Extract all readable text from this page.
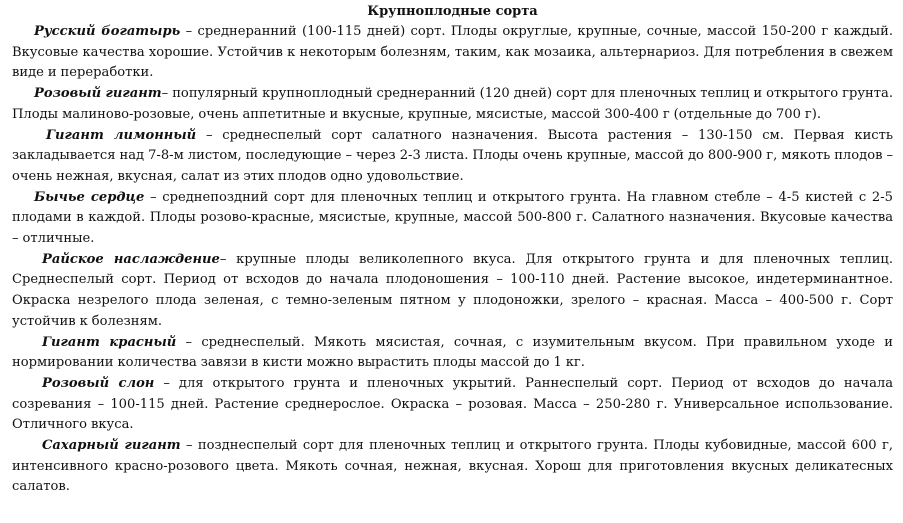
Крупноплодные сорта

Русский богатырь – среднеранний (100-115 дней) сорт. Плоды округлые, крупные, сочные, массой 150-200 г каждый. Вкусовые качества хорошие. Устойчив к некоторым болезням, таким, как мозаика, альтернариоз. Для потребления в свежем виде и переработки.

Розовый гигант– популярный крупноплодный среднеранний (120 дней) сорт для пленочных теплиц и открытого грунта. Плоды малиново-розовые, очень аппетитные и вкусные, крупные, мясистые, массой 300-400 г (отдельные до 700 г).

Гигант лимонный – среднеспелый сорт салатного назначения. Высота растения – 130-150 см. Первая кисть закладывается над 7-8-м листом, последующие – через 2-3 листа. Плоды очень крупные, массой до 800-900 г, мякоть плодов – очень нежная, вкусная, салат из этих плодов одно удовольствие.

Бычье сердце – среднепоздний сорт для пленочных теплиц и открытого грунта. На главном стебле – 4-5 кистей с 2-5 плодами в каждой. Плоды розово-красные, мясистые, крупные, массой 500-800 г. Салатного назначения. Вкусовые качества – отличные.

Райское наслаждение– крупные плоды великолепного вкуса. Для открытого грунта и для пленочных теплиц. Среднеспелый сорт. Период от всходов до начала плодоношения – 100-110 дней. Растение высокое, индетерминантное. Окраска незрелого плода зеленая, с темно-зеленым пятном у плодоножки, зрелого – красная. Масса – 400-500 г. Сорт устойчив к болезням.

Гигант красный – среднеспелый. Мякоть мясистая, сочная, с изумительным вкусом. При правильном уходе и нормировании количества завязи в кисти можно вырастить плоды массой до 1 кг.

Розовый слон – для открытого грунта и пленочных укрытий. Раннеспелый сорт. Период от всходов до начала созревания – 100-115 дней. Растение среднерослое. Окраска – розовая. Масса – 250-280 г. Универсальное использование. Отличного вкуса.

Сахарный гигант – позднеспелый сорт для пленочных теплиц и открытого грунта. Плоды кубовидные, массой 600 г, интенсивного красно-розового цвета. Мякоть сочная, нежная, вкусная. Хорош для приготовления вкусных деликатесных салатов.
